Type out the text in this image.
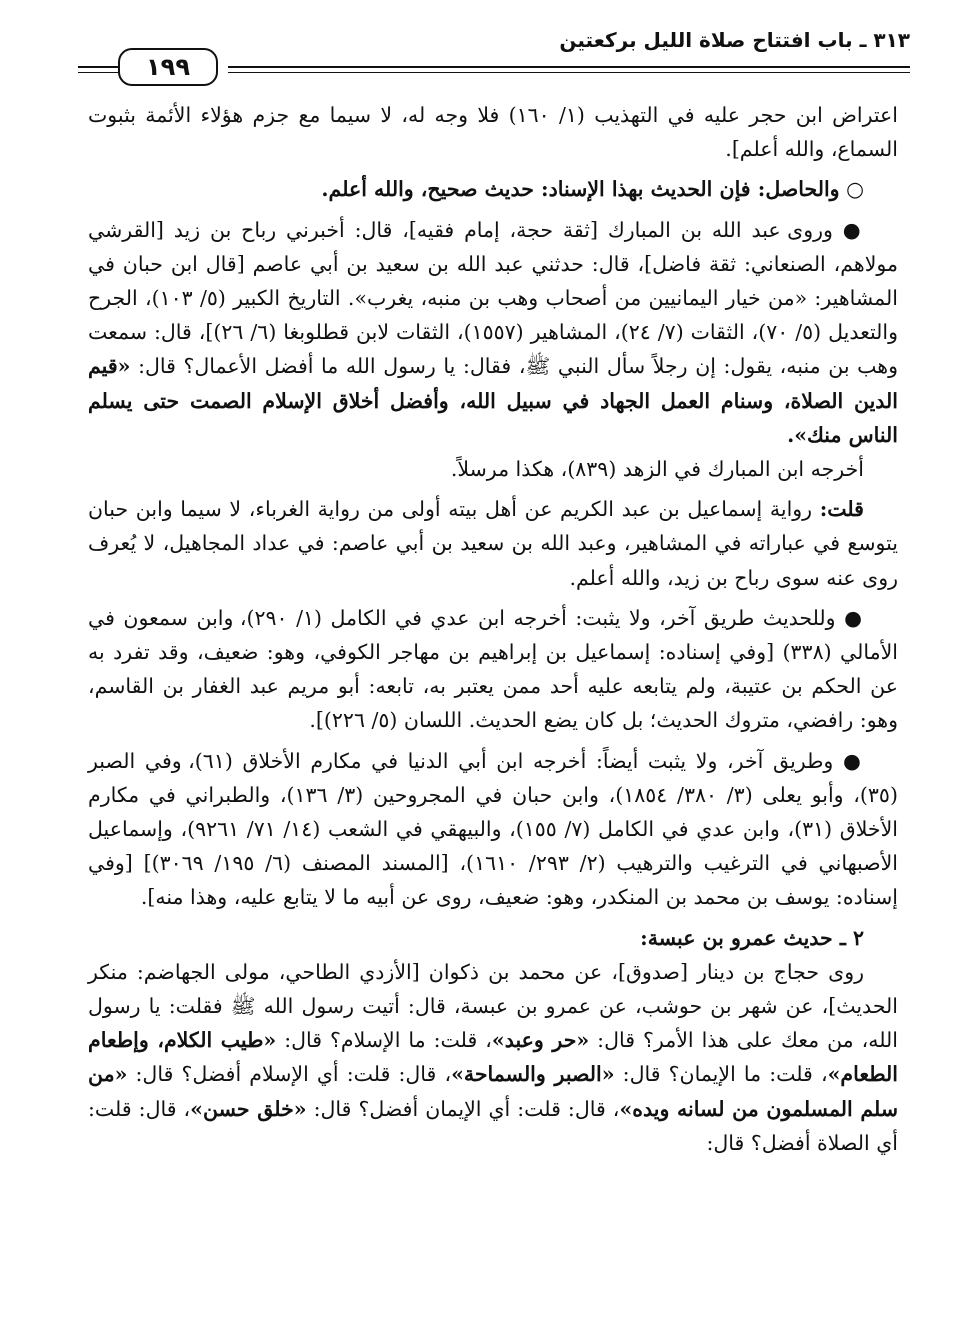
٣١٣ ـ باب افتتاح صلاة الليل بركعتين
١٩٩

اعتراض ابن حجر عليه في التهذيب (١/ ١٦٠) فلا وجه له، لا سيما مع جزم هؤلاء الأئمة بثبوت السماع، والله أعلم].

○ والحاصل: فإن الحديث بهذا الإسناد: حديث صحيح، والله أعلم.

● وروى عبد الله بن المبارك [ثقة حجة، إمام فقيه]، قال: أخبرني رباح بن زيد [القرشي مولاهم، الصنعاني: ثقة فاضل]، قال: حدثني عبد الله بن سعيد بن أبي عاصم [قال ابن حبان في المشاهير: «من خيار اليمانيين من أصحاب وهب بن منبه، يغرب». التاريخ الكبير (٥/ ١٠٣)، الجرح والتعديل (٥/ ٧٠)، الثقات (٧/ ٢٤)، المشاهير (١٥٥٧)، الثقات لابن قطلوبغا (٦/ ٢٦)]، قال: سمعت وهب بن منبه، يقول: إن رجلاً سأل النبي ﷺ، فقال: يا رسول الله ما أفضل الأعمال؟ قال: «قيم الدين الصلاة، وسنام العمل الجهاد في سبيل الله، وأفضل أخلاق الإسلام الصمت حتى يسلم الناس منك».

أخرجه ابن المبارك في الزهد (٨٣٩)، هكذا مرسلاً.

قلت: رواية إسماعيل بن عبد الكريم عن أهل بيته أولى من رواية الغرباء، لا سيما وابن حبان يتوسع في عباراته في المشاهير، وعبد الله بن سعيد بن أبي عاصم: في عداد المجاهيل، لا يُعرف روى عنه سوى رباح بن زيد، والله أعلم.

● وللحديث طريق آخر، ولا يثبت: أخرجه ابن عدي في الكامل (١/ ٢٩٠)، وابن سمعون في الأمالي (٣٣٨) [وفي إسناده: إسماعيل بن إبراهيم بن مهاجر الكوفي، وهو: ضعيف، وقد تفرد به عن الحكم بن عتيبة، ولم يتابعه عليه أحد ممن يعتبر به، تابعه: أبو مريم عبد الغفار بن القاسم، وهو: رافضي، متروك الحديث؛ بل كان يضع الحديث. اللسان (٥/ ٢٢٦)].

● وطريق آخر، ولا يثبت أيضاً: أخرجه ابن أبي الدنيا في مكارم الأخلاق (٦١)، وفي الصبر (٣٥)، وأبو يعلى (٣/ ٣٨٠/ ١٨٥٤)، وابن حبان في المجروحين (٣/ ١٣٦)، والطبراني في مكارم الأخلاق (٣١)، وابن عدي في الكامل (٧/ ١٥٥)، والبيهقي في الشعب (١٤/ ٧١/ ٩٢٦١)، وإسماعيل الأصبهاني في الترغيب والترهيب (٢/ ٢٩٣/ ١٦١٠)، [المسند المصنف (٦/ ١٩٥/ ٣٠٦٩)] [وفي إسناده: يوسف بن محمد بن المنكدر، وهو: ضعيف، روى عن أبيه ما لا يتابع عليه، وهذا منه].

٢ ـ حديث عمرو بن عبسة:

روى حجاج بن دينار [صدوق]، عن محمد بن ذكوان [الأزدي الطاحي، مولى الجهاضم: منكر الحديث]، عن شهر بن حوشب، عن عمرو بن عبسة، قال: أتيت رسول الله ﷺ فقلت: يا رسول الله، من معك على هذا الأمر؟ قال: «حر وعبد»، قلت: ما الإسلام؟ قال: «طيب الكلام، وإطعام الطعام»، قلت: ما الإيمان؟ قال: «الصبر والسماحة»، قال: قلت: أي الإسلام أفضل؟ قال: «من سلم المسلمون من لسانه ويده»، قال: قلت: أي الإيمان أفضل؟ قال: «خلق حسن»، قال: قلت: أي الصلاة أفضل؟ قال:
